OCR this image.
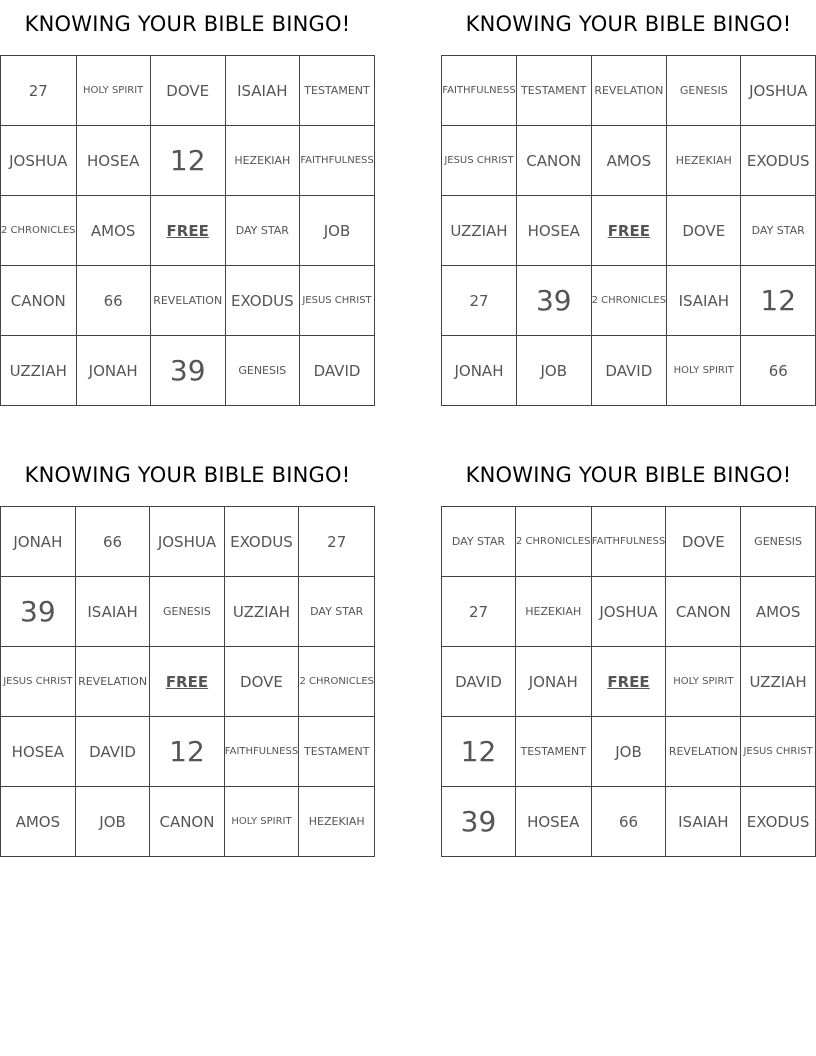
KNOWING YOUR BIBLE BINGO!
27	HOLY SPIRIT	DOVE	ISAIAH	TESTAMENT
JOSHUA	HOSEA	12	HEZEKIAH	FAITHFULNESS
2 CHRONICLES	AMOS	FREE	DAY STAR	JOB
CANON	66	REVELATION	EXODUS	JESUS CHRIST
UZZIAH	JONAH	39	GENESIS	DAVID
KNOWING YOUR BIBLE BINGO!
FAITHFULNESS	TESTAMENT	REVELATION	GENESIS	JOSHUA
JESUS CHRIST	CANON	AMOS	HEZEKIAH	EXODUS
UZZIAH	HOSEA	FREE	DOVE	DAY STAR
27	39	2 CHRONICLES	ISAIAH	12
JONAH	JOB	DAVID	HOLY SPIRIT	66
KNOWING YOUR BIBLE BINGO!
JONAH	66	JOSHUA	EXODUS	27
39	ISAIAH	GENESIS	UZZIAH	DAY STAR
JESUS CHRIST	REVELATION	FREE	DOVE	2 CHRONICLES
HOSEA	DAVID	12	FAITHFULNESS	TESTAMENT
AMOS	JOB	CANON	HOLY SPIRIT	HEZEKIAH
KNOWING YOUR BIBLE BINGO!
DAY STAR	2 CHRONICLES	FAITHFULNESS	DOVE	GENESIS
27	HEZEKIAH	JOSHUA	CANON	AMOS
DAVID	JONAH	FREE	HOLY SPIRIT	UZZIAH
12	TESTAMENT	JOB	REVELATION	JESUS CHRIST
39	HOSEA	66	ISAIAH	EXODUS
